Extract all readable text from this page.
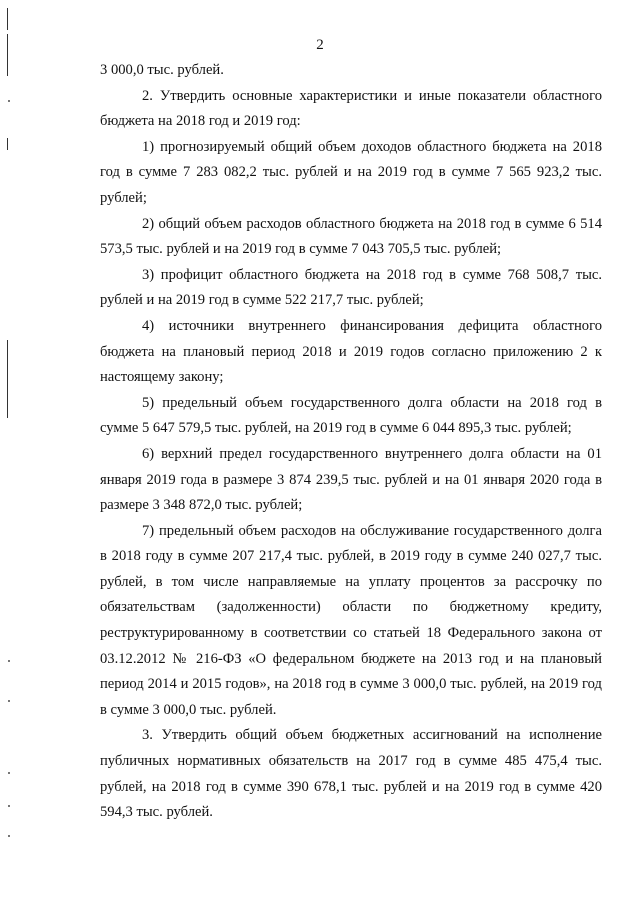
2

3 000,0 тыс. рублей.

2. Утвердить основные характеристики и иные показатели областного бюджета на 2018 год и 2019 год:

1) прогнозируемый общий объем доходов областного бюджета на 2018 год в сумме 7 283 082,2 тыс. рублей и на 2019 год в сумме 7 565 923,2 тыс. рублей;

2) общий объем расходов областного бюджета на 2018 год в сумме 6 514 573,5 тыс. рублей и на 2019 год в сумме 7 043 705,5 тыс. рублей;

3) профицит областного бюджета на 2018 год в сумме 768 508,7 тыс. рублей и на 2019 год в сумме 522 217,7 тыс. рублей;

4) источники внутреннего финансирования дефицита областного бюджета на плановый период 2018 и 2019 годов согласно приложению 2 к настоящему закону;

5) предельный объем государственного долга области на 2018 год в сумме 5 647 579,5 тыс. рублей, на 2019 год в сумме 6 044 895,3 тыс. рублей;

6) верхний предел государственного внутреннего долга области на 01 января 2019 года в размере 3 874 239,5 тыс. рублей и на 01 января 2020 года в размере 3 348 872,0 тыс. рублей;

7) предельный объем расходов на обслуживание государственного долга в 2018 году в сумме 207 217,4 тыс. рублей, в 2019 году в сумме 240 027,7 тыс. рублей, в том числе направляемые на уплату процентов за рассрочку по обязательствам (задолженности) области по бюджетному кредиту, реструктурированному в соответствии со статьей 18 Федерального закона от 03.12.2012 № 216-ФЗ «О федеральном бюджете на 2013 год и на плановый период 2014 и 2015 годов», на 2018 год в сумме 3 000,0 тыс. рублей, на 2019 год в сумме 3 000,0 тыс. рублей.

3. Утвердить общий объем бюджетных ассигнований на исполнение публичных нормативных обязательств на 2017 год в сумме 485 475,4 тыс. рублей, на 2018 год в сумме 390 678,1 тыс. рублей и на 2019 год в сумме 420 594,3 тыс. рублей.
